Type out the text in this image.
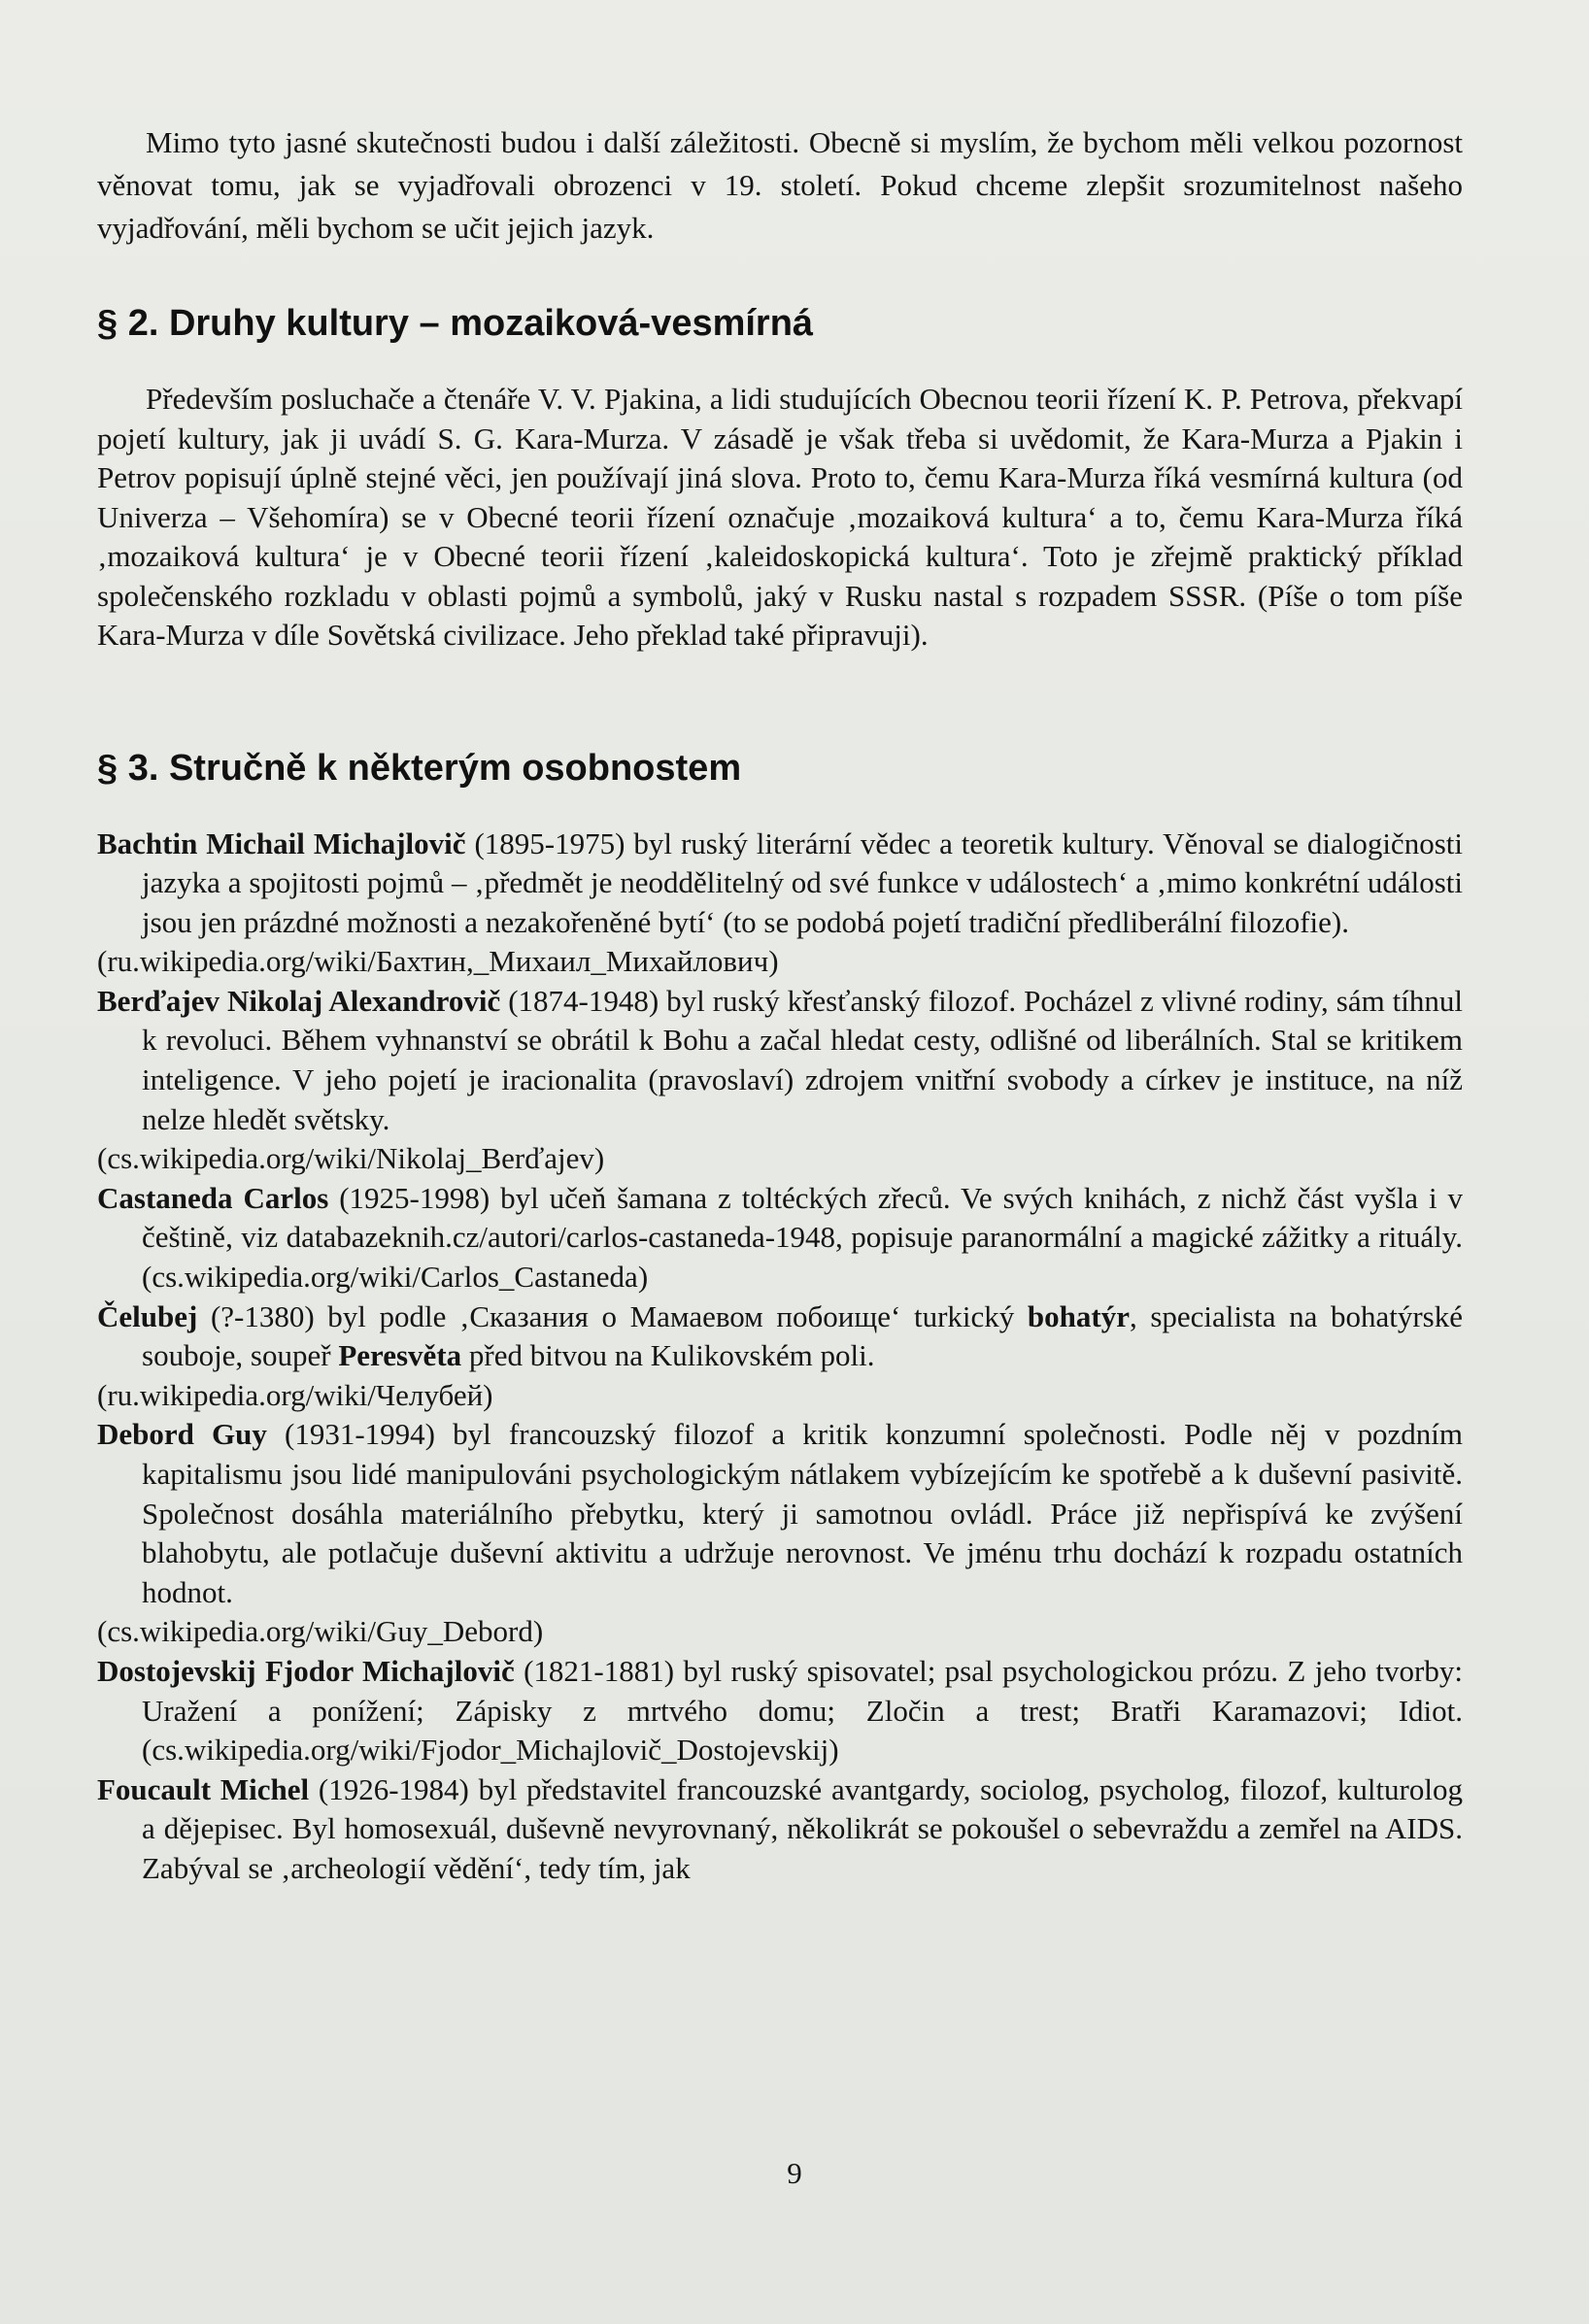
Mimo tyto jasné skutečnosti budou i další záležitosti. Obecně si myslím, že bychom měli velkou pozornost věnovat tomu, jak se vyjadřovali obrozenci v 19. století. Pokud chceme zlepšit srozumitelnost našeho vyjadřování, měli bychom se učit jejich jazyk.

§ 2. Druhy kultury – mozaiková-vesmírná

Především posluchače a čtenáře V. V. Pjakina, a lidi studujících Obecnou teorii řízení K. P. Petrova, překvapí pojetí kultury, jak ji uvádí S. G. Kara-Murza. V zásadě je však třeba si uvědomit, že Kara-Murza a Pjakin i Petrov popisují úplně stejné věci, jen používají jiná slova. Proto to, čemu Kara-Murza říká vesmírná kultura (od Univerza – Všehomíra) se v Obecné teorii řízení označuje ‚mozaiková kultura‘ a to, čemu Kara-Murza říká ‚mozaiková kultura‘ je v Obecné teorii řízení ‚kaleidoskopická kultura‘. Toto je zřejmě praktický příklad společenského rozkladu v oblasti pojmů a symbolů, jaký v Rusku nastal s rozpadem SSSR. (Píše o tom píše Kara-Murza v díle Sovětská civilizace. Jeho překlad také připravuji).

§ 3. Stručně k některým osobnostem
Bachtin Michail Michajlovič (1895-1975) byl ruský literární vědec a teoretik kultury. Věnoval se dialogičnosti jazyka a spojitosti pojmů – ‚předmět je neoddělitelný od své funkce v událostech‘ a ‚mimo konkrétní události jsou jen prázdné možnosti a nezakořeněné bytí‘ (to se podobá pojetí tradiční předliberální filozofie).
(ru.wikipedia.org/wiki/Бахтин,_Михаил_Михайлович)
Berďajev Nikolaj Alexandrovič (1874-1948) byl ruský křesťanský filozof. Pocházel z vlivné rodiny, sám tíhnul k revoluci. Během vyhnanství se obrátil k Bohu a začal hledat cesty, odlišné od liberálních. Stal se kritikem inteligence. V jeho pojetí je iracionalita (pravoslaví) zdrojem vnitřní svobody a církev je instituce, na níž nelze hledět světsky.
(cs.wikipedia.org/wiki/Nikolaj_Berďajev)
Castaneda Carlos (1925-1998) byl učeň šamana z toltéckých zřeců. Ve svých knihách, z nichž část vyšla i v češtině, viz databazeknih.cz/autori/carlos-castaneda-1948, popisuje paranormální a magické zážitky a rituály. (cs.wikipedia.org/wiki/Carlos_Castaneda)
Čelubej (?-1380) byl podle ‚Сказания о Мамаевом побоище‘ turkický bohatýr, specialista na bohatýrské souboje, soupeř Peresvěta před bitvou na Kulikovském poli.
(ru.wikipedia.org/wiki/Челубей)
Debord Guy (1931-1994) byl francouzský filozof a kritik konzumní společnosti. Podle něj v pozdním kapitalismu jsou lidé manipulováni psychologickým nátlakem vybízejícím ke spotřebě a k duševní pasivitě. Společnost dosáhla materiálního přebytku, který ji samotnou ovládl. Práce již nepřispívá ke zvýšení blahobytu, ale potlačuje duševní aktivitu a udržuje nerovnost. Ve jménu trhu dochází k rozpadu ostatních hodnot.
(cs.wikipedia.org/wiki/Guy_Debord)
Dostojevskij Fjodor Michajlovič (1821-1881) byl ruský spisovatel; psal psychologickou prózu. Z jeho tvorby: Uražení a ponížení; Zápisky z mrtvého domu; Zločin a trest; Bratři Karamazovi; Idiot. (cs.wikipedia.org/wiki/Fjodor_Michajlovič_Dostojevskij)
Foucault Michel (1926-1984) byl představitel francouzské avantgardy, sociolog, psycholog, filozof, kulturolog a dějepisec. Byl homosexuál, duševně nevyrovnaný, několikrát se pokoušel o sebevraždu a zemřel na AIDS. Zabýval se ‚archeologií vědění‘, tedy tím, jak
9
